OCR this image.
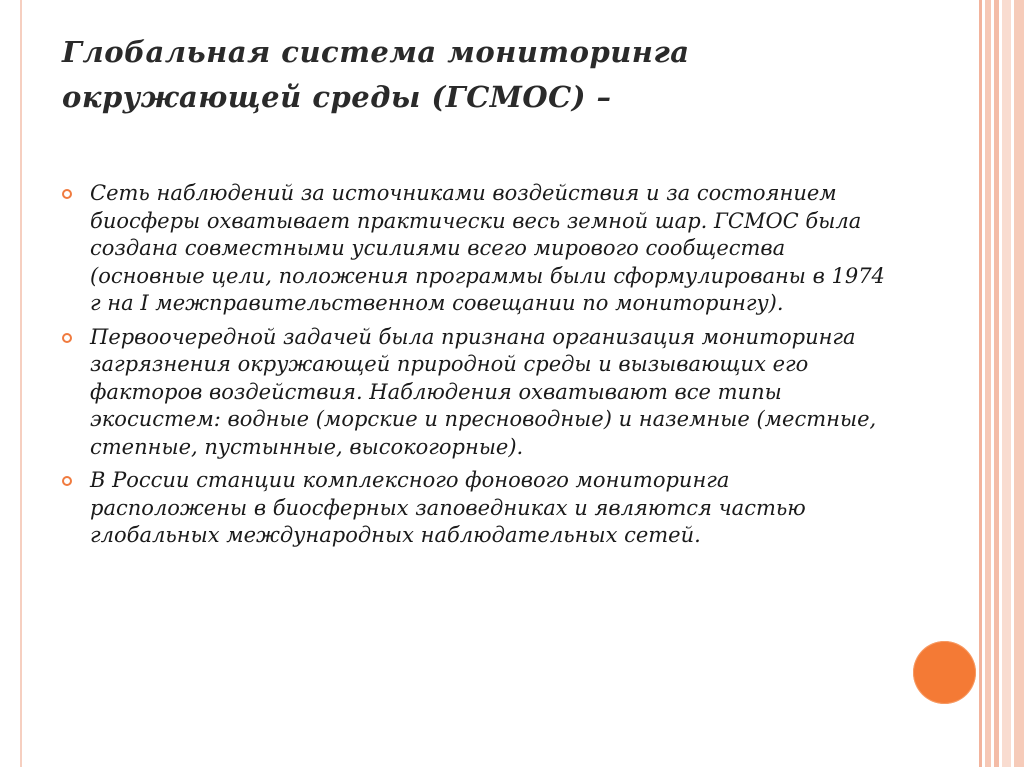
Глобальная система мониторинга
окружающей среды (ГСМОС) –
Сеть наблюдений за источниками воздействия и за состоянием биосферы охватывает практически весь земной шар. ГСМОС была создана совместными усилиями всего мирового сообщества (основные цели, положения программы были сформулированы в 1974 г на I межправительственном совещании по мониторингу).
Первоочередной задачей была признана организация мониторинга загрязнения окружающей природной среды и вызывающих его факторов воздействия. Наблюдения охватывают все типы экосистем: водные (морские и пресноводные) и наземные (местные, степные, пустынные, высокогорные).
В России станции комплексного фонового мониторинга расположены в биосферных заповедниках и являются частью глобальных международных наблюдательных сетей.
